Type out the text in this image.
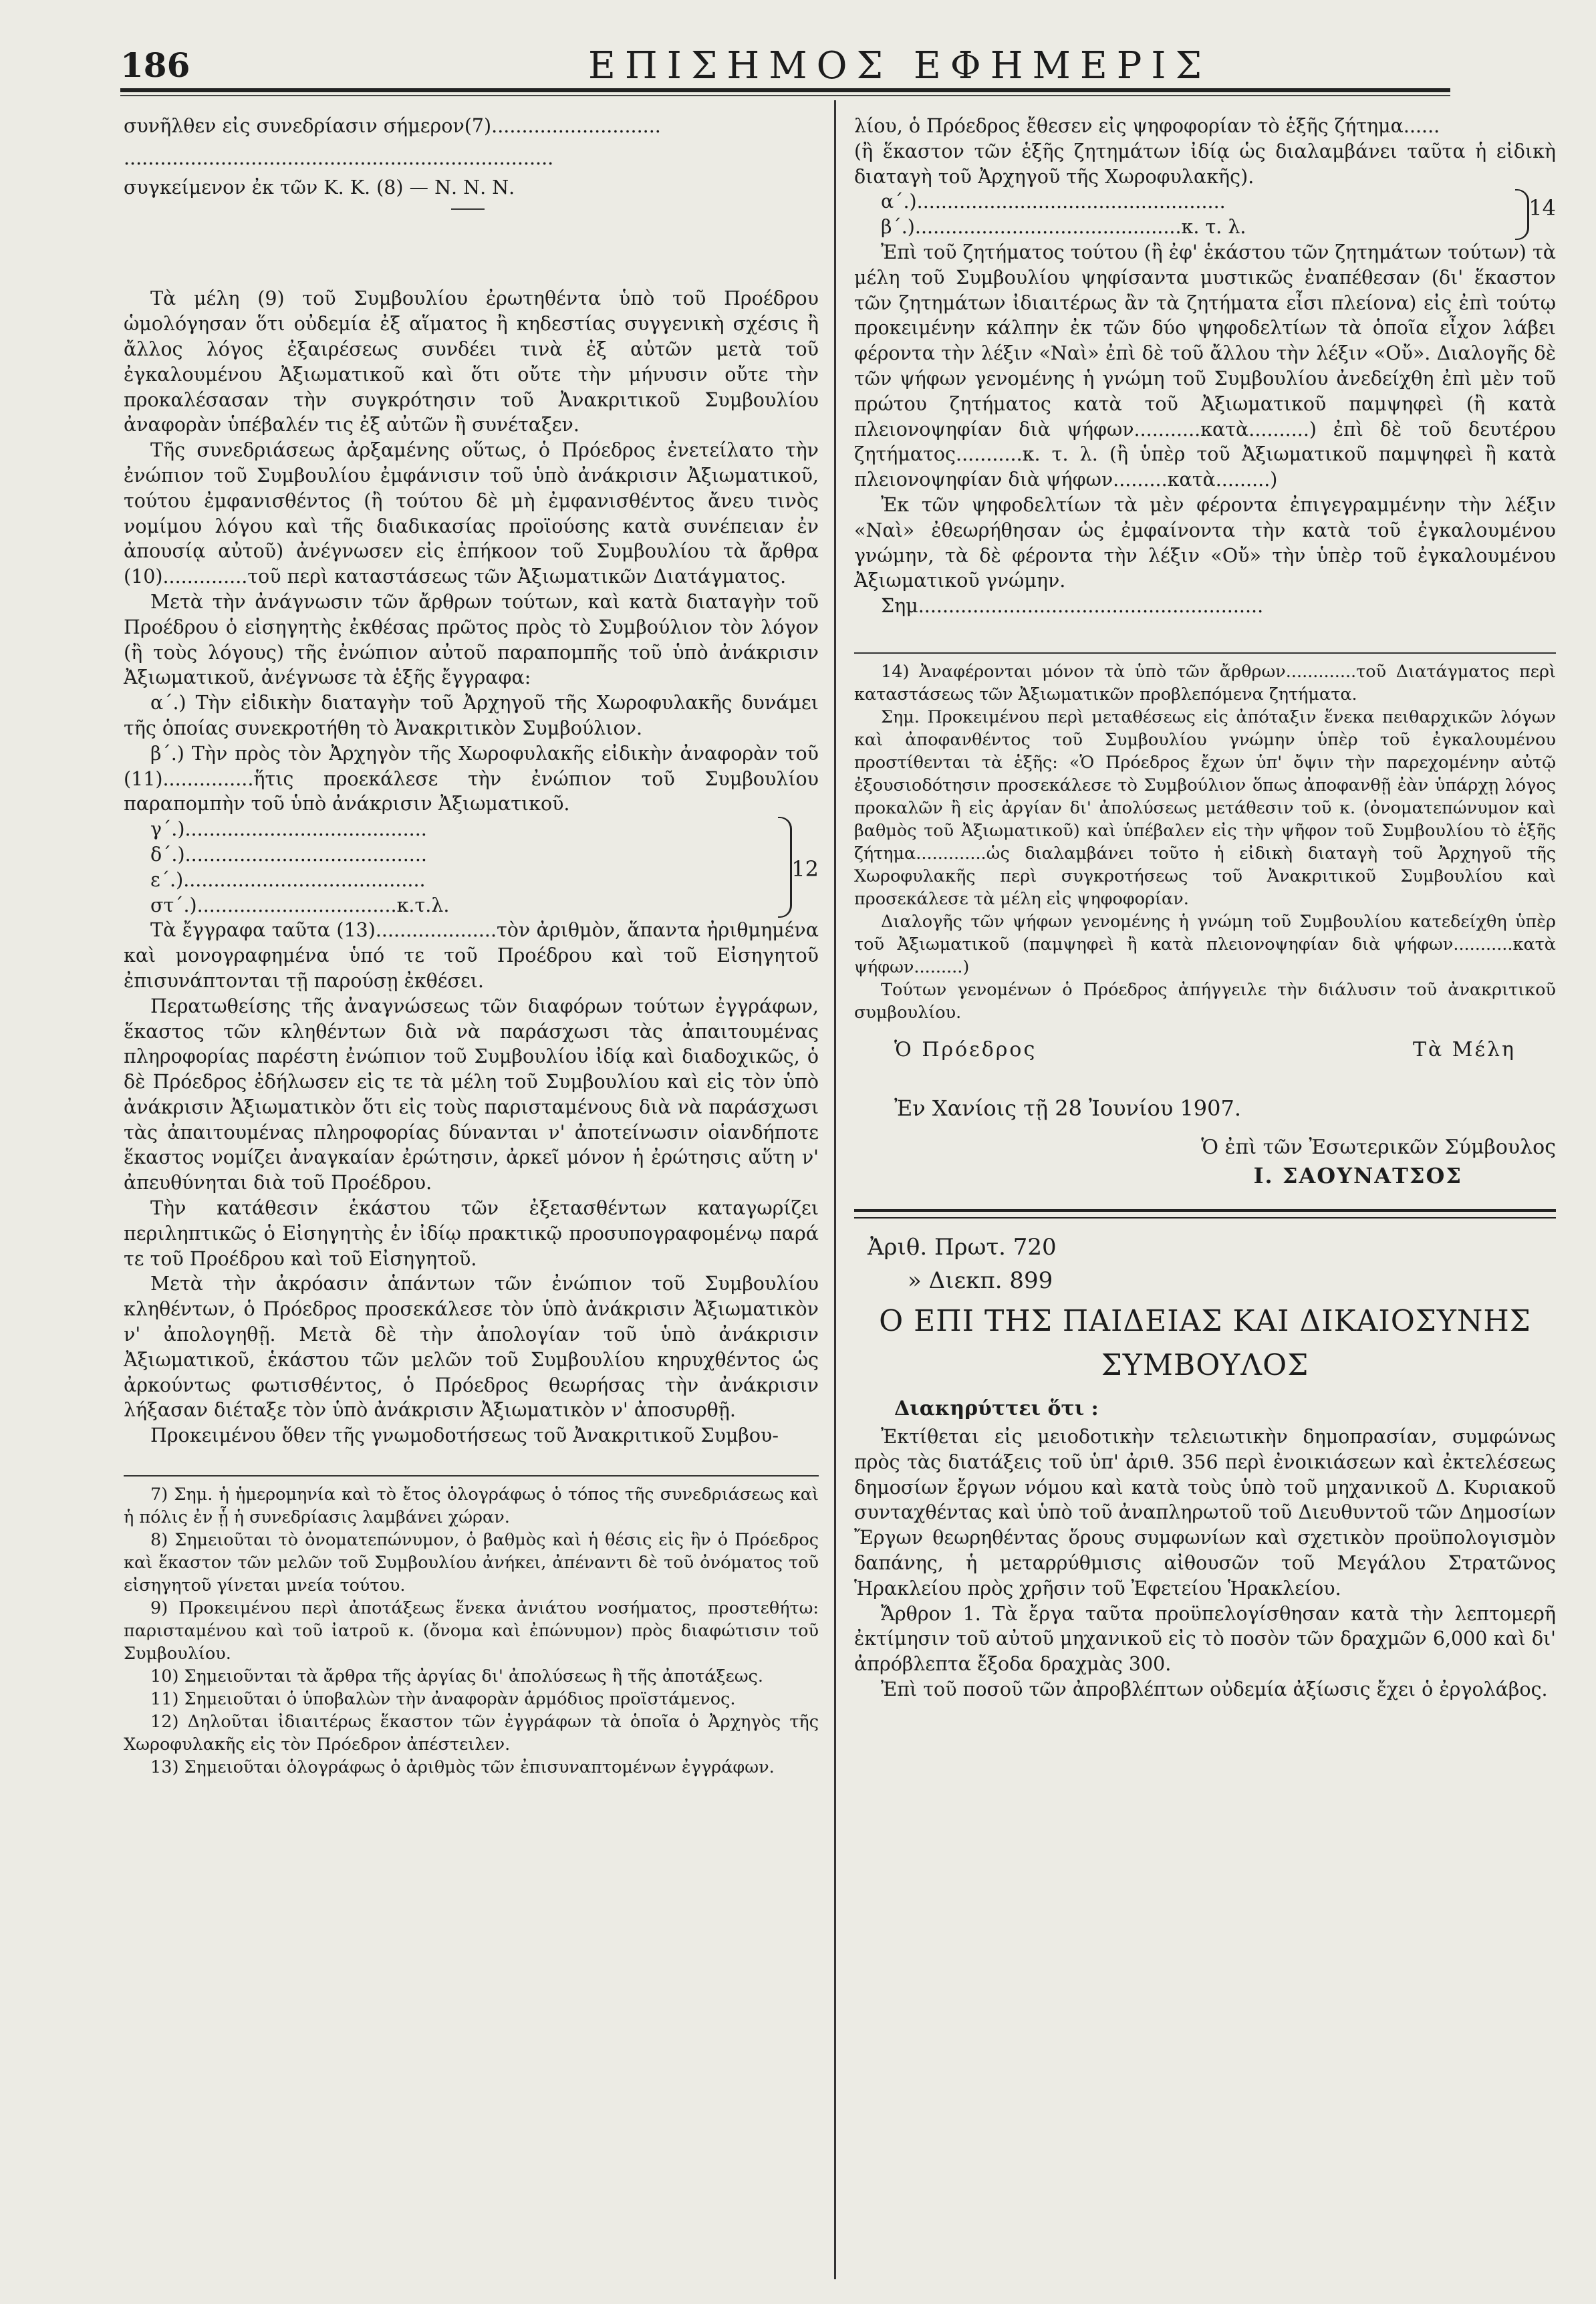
186	ΕΠΙΣΗΜΟΣ ΕΦΗΜΕΡΙΣ

συνῆλθεν εἰς συνεδρίασιν σήμερον(7)............................

.......................................................................

συγκείμενον ἐκ τῶν Κ. Κ. (8) — Ν. Ν. Ν.

Τὰ μέλη (9) τοῦ Συμβουλίου ἐρωτηθέντα ὑπὸ τοῦ Προέδρου ὡμολόγησαν ὅτι οὐδεμία ἐξ αἵματος ἢ κηδεστίας συγγενικὴ σχέσις ἢ ἄλλος λόγος ἐξαιρέσεως συνδέει τινὰ ἐξ αὐτῶν μετὰ τοῦ ἐγκαλουμένου Ἀξιωματικοῦ καὶ ὅτι οὔτε τὴν μήνυσιν οὔτε τὴν προκαλέσασαν τὴν συγκρότησιν τοῦ Ἀνακριτικοῦ Συμβουλίου ἀναφορὰν ὑπέβαλέν τις ἐξ αὐτῶν ἢ συνέταξεν.

Τῆς συνεδριάσεως ἀρξαμένης οὕτως, ὁ Πρόεδρος ἐνετείλατο τὴν ἐνώπιον τοῦ Συμβουλίου ἐμφάνισιν τοῦ ὑπὸ ἀνάκρισιν Ἀξιωματικοῦ, τούτου ἐμφανισθέντος (ἢ τούτου δὲ μὴ ἐμφανισθέντος ἄνευ τινὸς νομίμου λόγου καὶ τῆς διαδικασίας προϊούσης κατὰ συνέπειαν ἐν ἀπουσίᾳ αὐτοῦ) ἀνέγνωσεν εἰς ἐπήκοον τοῦ Συμβουλίου τὰ ἄρθρα (10)..............τοῦ περὶ καταστάσεως τῶν Ἀξιωματικῶν Διατάγματος.

Μετὰ τὴν ἀνάγνωσιν τῶν ἄρθρων τούτων, καὶ κατὰ διαταγὴν τοῦ Προέδρου ὁ εἰσηγητὴς ἐκθέσας πρῶτος πρὸς τὸ Συμβούλιον τὸν λόγον (ἢ τοὺς λόγους) τῆς ἐνώπιον αὐτοῦ παραπομπῆς τοῦ ὑπὸ ἀνάκρισιν Ἀξιωματικοῦ, ἀνέγνωσε τὰ ἑξῆς ἔγγραφα:

α΄.) Τὴν εἰδικὴν διαταγὴν τοῦ Ἀρχηγοῦ τῆς Χωροφυλακῆς δυνάμει τῆς ὁποίας συνεκροτήθη τὸ Ἀνακριτικὸν Συμβούλιον.

β΄.) Τὴν πρὸς τὸν Ἀρχηγὸν τῆς Χωροφυλακῆς εἰδικὴν ἀναφορὰν τοῦ (11)...............ἥτις προεκάλεσε τὴν ἐνώπιον τοῦ Συμβουλίου παραπομπὴν τοῦ ὑπὸ ἀνάκρισιν Ἀξιωματικοῦ.

γ΄.)........................................
δ΄.)........................................
ε΄.)........................................
στ΄.).................................κ.τ.λ.
12

Τὰ ἔγγραφα ταῦτα (13)....................τὸν ἀριθμὸν, ἅπαντα ἠριθμημένα καὶ μονογραφημένα ὑπό τε τοῦ Προέδρου καὶ τοῦ Εἰσηγητοῦ ἐπισυνάπτονται τῇ παρούσῃ ἐκθέσει.

Περατωθείσης τῆς ἀναγνώσεως τῶν διαφόρων τούτων ἐγγράφων, ἕκαστος τῶν κληθέντων διὰ νὰ παράσχωσι τὰς ἀπαιτουμένας πληροφορίας παρέστη ἐνώπιον τοῦ Συμβουλίου ἰδίᾳ καὶ διαδοχικῶς, ὁ δὲ Πρόεδρος ἐδήλωσεν εἰς τε τὰ μέλη τοῦ Συμβουλίου καὶ εἰς τὸν ὑπὸ ἀνάκρισιν Ἀξιωματικὸν ὅτι εἰς τοὺς παρισταμένους διὰ νὰ παράσχωσι τὰς ἀπαιτουμένας πληροφορίας δύνανται ν' ἀποτείνωσιν οἱανδήποτε ἕκαστος νομίζει ἀναγκαίαν ἐρώτησιν, ἀρκεῖ μόνον ἡ ἐρώτησις αὕτη ν' ἀπευθύνηται διὰ τοῦ Προέδρου.

Τὴν κατάθεσιν ἑκάστου τῶν ἐξετασθέντων καταγωρίζει περιληπτικῶς ὁ Εἰσηγητὴς ἐν ἰδίῳ πρακτικῷ προσυπογραφομένῳ παρά τε τοῦ Προέδρου καὶ τοῦ Εἰσηγητοῦ.

Μετὰ τὴν ἀκρόασιν ἁπάντων τῶν ἐνώπιον τοῦ Συμβουλίου κληθέντων, ὁ Πρόεδρος προσεκάλεσε τὸν ὑπὸ ἀνάκρισιν Ἀξιωματικὸν ν' ἀπολογηθῇ. Μετὰ δὲ τὴν ἀπολογίαν τοῦ ὑπὸ ἀνάκρισιν Ἀξιωματικοῦ, ἑκάστου τῶν μελῶν τοῦ Συμβουλίου κηρυχθέντος ὡς ἀρκούντως φωτισθέντος, ὁ Πρόεδρος θεωρήσας τὴν ἀνάκρισιν λήξασαν διέταξε τὸν ὑπὸ ἀνάκρισιν Ἀξιωματικὸν ν' ἀποσυρθῇ.

Προκειμένου ὅθεν τῆς γνωμοδοτήσεως τοῦ Ἀνακριτικοῦ Συμβου-

7) Σημ. ἡ ἡμερομηνία καὶ τὸ ἔτος ὁλογράφως ὁ τόπος τῆς συνεδριάσεως καὶ ἡ πόλις ἐν ᾗ ἡ συνεδρίασις λαμβάνει χώραν.

8) Σημειοῦται τὸ ὀνοματεπώνυμον, ὁ βαθμὸς καὶ ἡ θέσις εἰς ἣν ὁ Πρόεδρος καὶ ἕκαστον τῶν μελῶν τοῦ Συμβουλίου ἀνήκει, ἀπέναντι δὲ τοῦ ὀνόματος τοῦ εἰσηγητοῦ γίνεται μνεία τούτου.

9) Προκειμένου περὶ ἀποτάξεως ἕνεκα ἀνιάτου νοσήματος, προστεθήτω: παρισταμένου καὶ τοῦ ἰατροῦ κ. (ὄνομα καὶ ἐπώνυμον) πρὸς διαφώτισιν τοῦ Συμβουλίου.

10) Σημειοῦνται τὰ ἄρθρα τῆς ἀργίας δι' ἀπολύσεως ἢ τῆς ἀποτάξεως.

11) Σημειοῦται ὁ ὑποβαλὼν τὴν ἀναφορὰν ἁρμόδιος προϊστάμενος.

12) Δηλοῦται ἰδιαιτέρως ἕκαστον τῶν ἐγγράφων τὰ ὁποῖα ὁ Ἀρχηγὸς τῆς Χωροφυλακῆς εἰς τὸν Πρόεδρον ἀπέστειλεν.

13) Σημειοῦται ὁλογράφως ὁ ἀριθμὸς τῶν ἐπισυναπτομένων ἐγγράφων.

λίου, ὁ Πρόεδρος ἔθεσεν εἰς ψηφοφορίαν τὸ ἑξῆς ζήτημα......

(ἢ ἕκαστον τῶν ἑξῆς ζητημάτων ἰδίᾳ ὡς διαλαμβάνει ταῦτα ἡ εἰδικὴ διαταγὴ τοῦ Ἀρχηγοῦ τῆς Χωροφυλακῆς).

α΄.)...................................................
β΄.)............................................κ. τ. λ.
14

Ἐπὶ τοῦ ζητήματος τούτου (ἢ ἐφ' ἑκάστου τῶν ζητημάτων τούτων) τὰ μέλη τοῦ Συμβουλίου ψηφίσαντα μυστικῶς ἐναπέθεσαν (δι' ἕκαστον τῶν ζητημάτων ἰδιαιτέρως ἂν τὰ ζητήματα εἶσι πλείονα) εἰς ἐπὶ τούτῳ προκειμένην κάλπην ἐκ τῶν δύο ψηφοδελτίων τὰ ὁποῖα εἶχον λάβει φέροντα τὴν λέξιν «Ναὶ» ἐπὶ δὲ τοῦ ἄλλου τὴν λέξιν «Οὔ». Διαλογῆς δὲ τῶν ψήφων γενομένης ἡ γνώμη τοῦ Συμβουλίου ἀνεδείχθη ἐπὶ μὲν τοῦ πρώτου ζητήματος κατὰ τοῦ Ἀξιωματικοῦ παμψηφεὶ (ἢ κατὰ πλειονοψηφίαν διὰ ψήφων...........κατὰ..........) ἐπὶ δὲ τοῦ δευτέρου ζητήματος...........κ. τ. λ. (ἢ ὑπὲρ τοῦ Ἀξιωματικοῦ παμψηφεὶ ἢ κατὰ πλειονοψηφίαν διὰ ψήφων.........κατὰ.........)

Ἐκ τῶν ψηφοδελτίων τὰ μὲν φέροντα ἐπιγεγραμμένην τὴν λέξιν «Ναὶ» ἐθεωρήθησαν ὡς ἐμφαίνοντα τὴν κατὰ τοῦ ἐγκαλουμένου γνώμην, τὰ δὲ φέροντα τὴν λέξιν «Οὔ» τὴν ὑπὲρ τοῦ ἐγκαλουμένου Ἀξιωματικοῦ γνώμην.

Σημ.........................................................

14) Ἀναφέρονται μόνον τὰ ὑπὸ τῶν ἄρθρων.............τοῦ Διατάγματος περὶ καταστάσεως τῶν Ἀξιωματικῶν προβλεπόμενα ζητήματα.

Σημ. Προκειμένου περὶ μεταθέσεως εἰς ἀπόταξιν ἕνεκα πειθαρχικῶν λόγων καὶ ἀποφανθέντος τοῦ Συμβουλίου γνώμην ὑπὲρ τοῦ ἐγκαλουμένου προστίθενται τὰ ἑξῆς: «Ὁ Πρόεδρος ἔχων ὑπ' ὄψιν τὴν παρεχομένην αὐτῷ ἐξουσιοδότησιν προσεκάλεσε τὸ Συμβούλιον ὅπως ἀποφανθῇ ἐὰν ὑπάρχῃ λόγος προκαλῶν ἢ εἰς ἀργίαν δι' ἀπολύσεως μετάθεσιν τοῦ κ. (ὀνοματεπώνυμον καὶ βαθμὸς τοῦ Ἀξιωματικοῦ) καὶ ὑπέβαλεν εἰς τὴν ψῆφον τοῦ Συμβουλίου τὸ ἑξῆς ζήτημα.............ὡς διαλαμβάνει τοῦτο ἡ εἰδικὴ διαταγὴ τοῦ Ἀρχηγοῦ τῆς Χωροφυλακῆς περὶ συγκροτήσεως τοῦ Ἀνακριτικοῦ Συμβουλίου καὶ προσεκάλεσε τὰ μέλη εἰς ψηφοφορίαν.

Διαλογῆς τῶν ψήφων γενομένης ἡ γνώμη τοῦ Συμβουλίου κατεδείχθη ὑπὲρ τοῦ Ἀξιωματικοῦ (παμψηφεὶ ἢ κατὰ πλειονοψηφίαν διὰ ψήφων...........κατὰ ψήφων.........)

Τούτων γενομένων ὁ Πρόεδρος ἀπήγγειλε τὴν διάλυσιν τοῦ ἀνακριτικοῦ συμβουλίου.

Ὁ Πρόεδρος	Τὰ Μέλη
Ἐν Χανίοις τῇ 28 Ἰουνίου 1907.
Ὁ ἐπὶ τῶν Ἐσωτερικῶν Σύμβουλος
Ι. ΣΑΟΥΝΑΤΣΟΣ
Ἀριθ. Πρωτ. 720
» Διεκπ. 899
Ο ΕΠΙ ΤΗΣ ΠΑΙΔΕΙΑΣ ΚΑΙ ΔΙΚΑΙΟΣΥΝΗΣ
ΣΥΜΒΟΥΛΟΣ
Διακηρύττει ὅτι :

Ἐκτίθεται εἰς μειοδοτικὴν τελειωτικὴν δημοπρασίαν, συμφώνως πρὸς τὰς διατάξεις τοῦ ὑπ' ἀριθ. 356 περὶ ἐνοικιάσεων καὶ ἐκτελέσεως δημοσίων ἔργων νόμου καὶ κατὰ τοὺς ὑπὸ τοῦ μηχανικοῦ Δ. Κυριακοῦ συνταχθέντας καὶ ὑπὸ τοῦ ἀναπληρωτοῦ τοῦ Διευθυντοῦ τῶν Δημοσίων Ἔργων θεωρηθέντας ὅρους συμφωνίων καὶ σχετικὸν προϋπολογισμὸν δαπάνης, ἡ μεταρρύθμισις αἰθουσῶν τοῦ Μεγάλου Στρατῶνος Ἡρακλείου πρὸς χρῆσιν τοῦ Ἐφετείου Ἡρακλείου.

Ἄρθρον 1. Τὰ ἔργα ταῦτα προϋπελογίσθησαν κατὰ τὴν λεπτομερῆ ἐκτίμησιν τοῦ αὐτοῦ μηχανικοῦ εἰς τὸ ποσὸν τῶν δραχμῶν 6,000 καὶ δι' ἀπρόβλεπτα ἔξοδα δραχμὰς 300.

Ἐπὶ τοῦ ποσοῦ τῶν ἀπροβλέπτων οὐδεμία ἀξίωσις ἔχει ὁ ἐργολάβος.
